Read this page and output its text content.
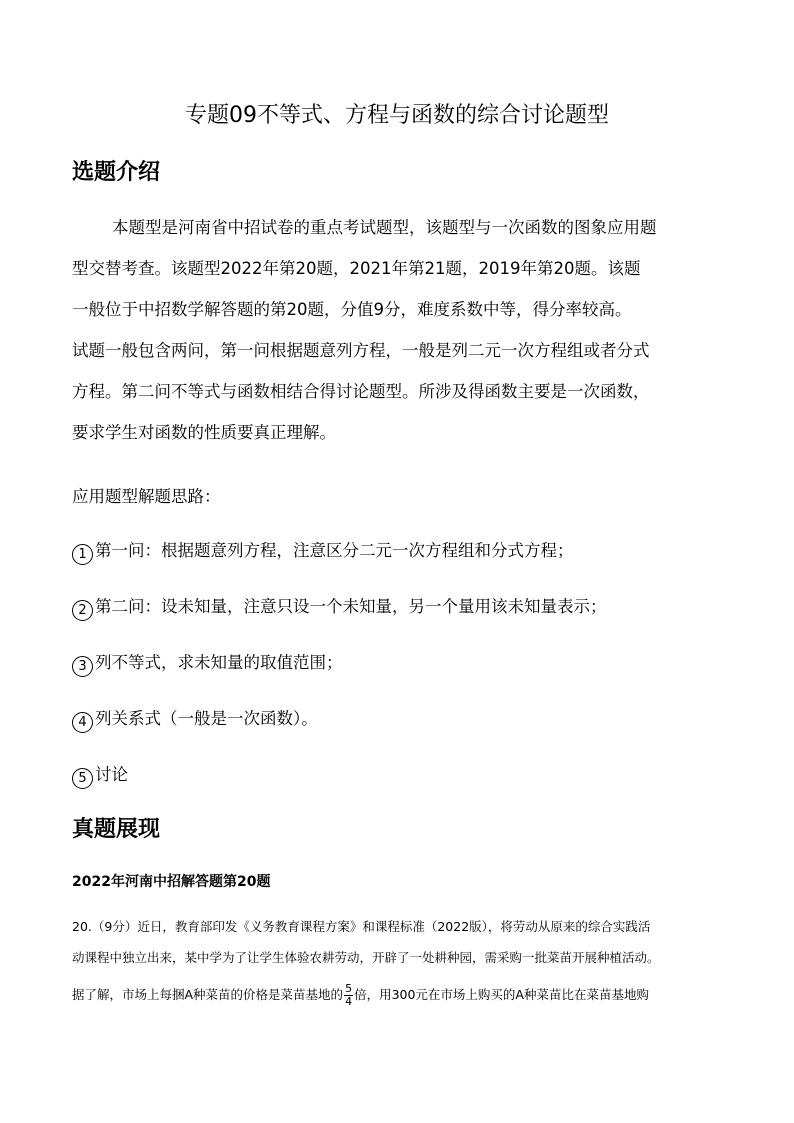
专题09不等式、方程与函数的综合讨论题型
选题介绍
本题型是河南省中招试卷的重点考试题型，该题型与一次函数的图象应用题
型交替考查。该题型2022年第20题，2021年第21题，2019年第20题。该题
一般位于中招数学解答题的第20题，分值9分，难度系数中等，得分率较高。
试题一般包含两问，第一问根据题意列方程，一般是列二元一次方程组或者分式
方程。第二问不等式与函数相结合得讨论题型。所涉及得函数主要是一次函数，
要求学生对函数的性质要真正理解。
应用题型解题思路：
1 第一问：根据题意列方程，注意区分二元一次方程组和分式方程；
2 第二问：设未知量，注意只设一个未知量，另一个量用该未知量表示；
3 列不等式，求未知量的取值范围；
4 列关系式（一般是一次函数）。
5 讨论
真题展现
2022年河南中招解答题第20题
20.（9分）近日，教育部印发《义务教育课程方案》和课程标准（2022版），将劳动从原来的综合实践活
动课程中独立出来，某中学为了让学生体验农耕劳动，开辟了一处耕种园，需采购一批菜苗开展种植活动。
据了解，市场上每捆A种菜苗的价格是菜苗基地的 $\frac{5}{4}$ 倍，用300元在市场上购买的A种菜苗比在菜苗基地购
